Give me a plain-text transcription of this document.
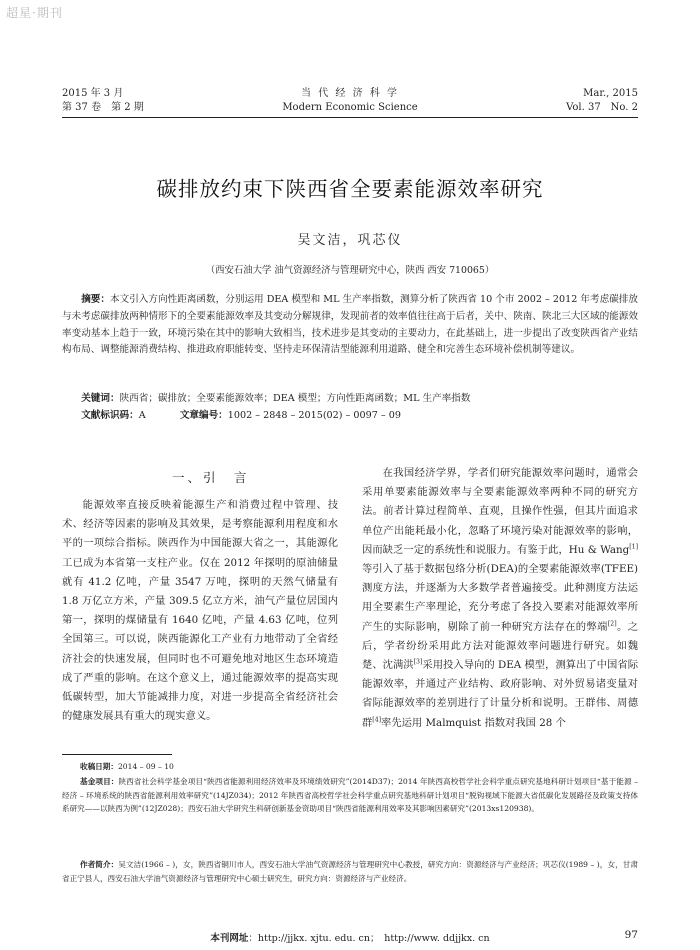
超星·期刊
2015 年 3 月
第 37 卷　第 2 期
当 代 经 济 科 学
Modern Economic Science
Mar., 2015
Vol. 37　No. 2
碳排放约束下陕西省全要素能源效率研究
吴文洁，巩芯仪
（西安石油大学 油气资源经济与管理研究中心，陕西 西安 710065）
摘要：本文引入方向性距离函数，分别运用 DEA 模型和 ML 生产率指数，测算分析了陕西省 10 个市 2002 – 2012 年考虑碳排放与未考虑碳排放两种情形下的全要素能源效率及其变动分解规律，发现前者的效率值往往高于后者，关中、陕南、陕北三大区域的能源效率变动基本上趋于一致，环境污染在其中的影响大致相当，技术进步是其变动的主要动力，在此基础上，进一步提出了改变陕西省产业结构布局、调整能源消费结构、推进政府职能转变、坚持走环保清洁型能源利用道路、健全和完善生态环境补偿机制等建议。
关键词：陕西省；碳排放；全要素能源效率；DEA 模型；方向性距离函数；ML 生产率指数
文献标识码：A	文章编号：1002 – 2848 – 2015(02) – 0097 – 09
一、引　言
能源效率直接反映着能源生产和消费过程中管理、技术、经济等因素的影响及其效果，是考察能源利用程度和水平的一项综合指标。陕西作为中国能源大省之一，其能源化工已成为本省第一支柱产业。仅在 2012 年探明的原油储量就有 41.2 亿吨，产量 3547 万吨，探明的天然气储量有 1.8 万亿立方米，产量 309.5 亿立方米，油气产量位居国内第一，探明的煤储量有 1640 亿吨，产量 4.63 亿吨，位列全国第三。可以说，陕西能源化工产业有力地带动了全省经济社会的快速发展，但同时也不可避免地对地区生态环境造成了严重的影响。在这个意义上，通过能源效率的提高实现低碳转型，加大节能减排力度，对进一步提高全省经济社会的健康发展具有重大的现实意义。
在我国经济学界，学者们研究能源效率问题时，通常会采用单要素能源效率与全要素能源效率两种不同的研究方法。前者计算过程简单、直观，且操作性强，但其片面追求单位产出能耗最小化，忽略了环境污染对能源效率的影响，因而缺乏一定的系统性和说服力。有鉴于此，Hu & Wang[1]等引入了基于数据包络分析(DEA)的全要素能源效率(TFEE)测度方法，并逐渐为大多数学者普遍接受。此种测度方法运用全要素生产率理论，充分考虑了各投入要素对能源效率所产生的实际影响，剔除了前一种研究方法存在的弊端[2]。之后，学者纷纷采用此方法对能源效率问题进行研究。如魏楚、沈满洪[3]采用投入导向的 DEA 模型，测算出了中国省际能源效率，并通过产业结构、政府影响、对外贸易诸变量对省际能源效率的差别进行了计量分析和说明。王群伟、周德群[4]率先运用 Malmquist 指数对我国 28 个
收稿日期：2014 – 09 – 10
基金项目：陕西省社会科学基金项目“陕西省能源利用经济效率及环境绩效研究”(2014D37)；2014 年陕西高校哲学社会科学重点研究基地科研计划项目“基于能源 – 经济 – 环境系统的陕西省能源利用效率研究”(14JZ034)；2012 年陕西省高校哲学社会科学重点研究基地科研计划项目“脱钩视域下能源大省低碳化发展路径及政策支持体系研究——以陕西为例”(12JZ028)；西安石油大学研究生科研创新基金资助项目“陕西省能源利用效率及其影响因素研究”(2013xs120938)。
作者简介：吴文洁(1966 – )，女，陕西省铜川市人，西安石油大学油气资源经济与管理研究中心教授，研究方向：资源经济与产业经济；巩芯仪(1989 – )，女，甘肃省正宁县人，西安石油大学油气资源经济与管理研究中心硕士研究生，研究方向：资源经济与产业经济。
本刊网址：http://jjkx. xjtu. edu. cn；　http://www. ddjjkx. cn	97
